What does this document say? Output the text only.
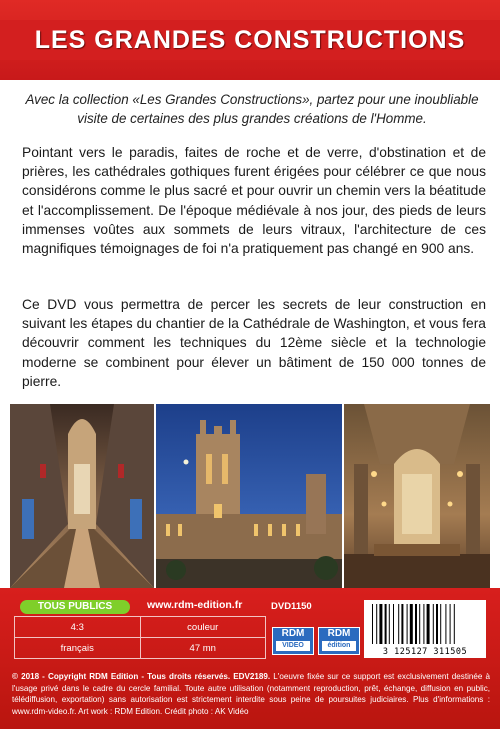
LES GRANDES CONSTRUCTIONS
Avec la collection «Les Grandes Constructions», partez pour une inoubliable visite de certaines des plus grandes créations de l'Homme.
Pointant vers le paradis, faites de roche et de verre, d'obstination et de prières, les cathédrales gothiques furent érigées pour célébrer ce que nous considérons comme le plus sacré et pour ouvrir un chemin vers la béatitude et l'accomplissement. De l'époque médiévale à nos jour, des pieds de leurs immenses voûtes aux sommets de leurs vitraux, l'architecture de ces magnifiques témoignages de foi n'a pratiquement pas changé en 900 ans.
Ce DVD vous permettra de percer les secrets de leur construction en suivant les étapes du chantier de la Cathédrale de Washington, et vous fera découvrir comment les techniques du 12ème siècle et la technologie moderne se combinent pour élever un bâtiment de 150 000 tonnes de pierre.
TOUS PUBLICS	www.rdm-edition.fr	DVD1150
4:3	couleur
français	47 mn
RDM
VIDEO
RDM
édition
3 125127 311505
© 2018 - Copyright RDM Edition - Tous droits réservés. EDV2189. L'oeuvre fixée sur ce support est exclusivement destinée à l'usage privé dans le cadre du cercle familial. Toute autre utilisation (notamment reproduction, prêt, échange, diffusion en public, télédiffusion, exportation) sans autorisation est strictement interdite sous peine de poursuites judiciaires. Plus d'informations : www.rdm-video.fr. Art work : RDM Edition. Crédit photo : AK Vidéo
